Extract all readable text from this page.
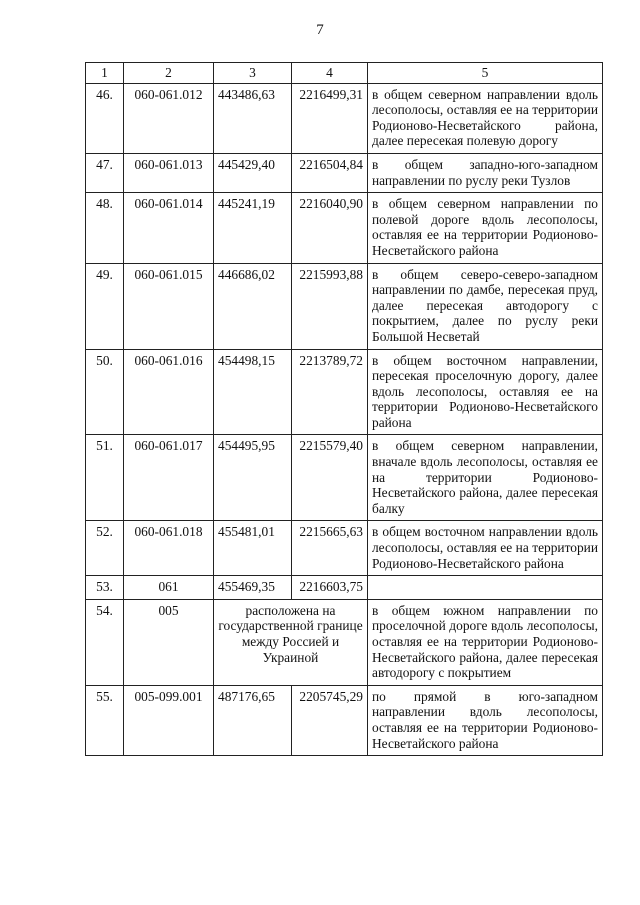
7
1	2	3	4	5
46.	060-061.012	443486,63	2216499,31	в общем северном направлении вдоль лесополосы, оставляя ее на территории Родионово-Несветайского района, далее пересекая полевую дорогу
47.	060-061.013	445429,40	2216504,84	в общем западно-юго-западном направлении по руслу реки Тузлов
48.	060-061.014	445241,19	2216040,90	в общем северном направлении по полевой дороге вдоль лесополосы, оставляя ее на территории Родионово-Несветайского района
49.	060-061.015	446686,02	2215993,88	в общем северо-северо-западном направлении по дамбе, пересекая пруд, далее пересекая автодорогу с покрытием, далее по руслу реки Большой Несветай
50.	060-061.016	454498,15	2213789,72	в общем восточном направлении, пересекая проселочную дорогу, далее вдоль лесополосы, оставляя ее на территории Родионово-Несветайского района
51.	060-061.017	454495,95	2215579,40	в общем северном направлении, вначале вдоль лесополосы, оставляя ее на территории Родионово-Несветайского района, далее пересекая балку
52.	060-061.018	455481,01	2215665,63	в общем восточном направлении вдоль лесополосы, оставляя ее на территории Родионово-Несветайского района
53.	061	455469,35	2216603,75	
54.	005	расположена на государственной границе между Россией и Украиной		в общем южном направлении по проселочной дороге вдоль лесополосы, оставляя ее на территории Родионово-Несветайского района, далее пересекая автодорогу с покрытием
55.	005-099.001	487176,65	2205745,29	по прямой в юго-западном направлении вдоль лесополосы, оставляя ее на территории Родионово-Несветайского района
